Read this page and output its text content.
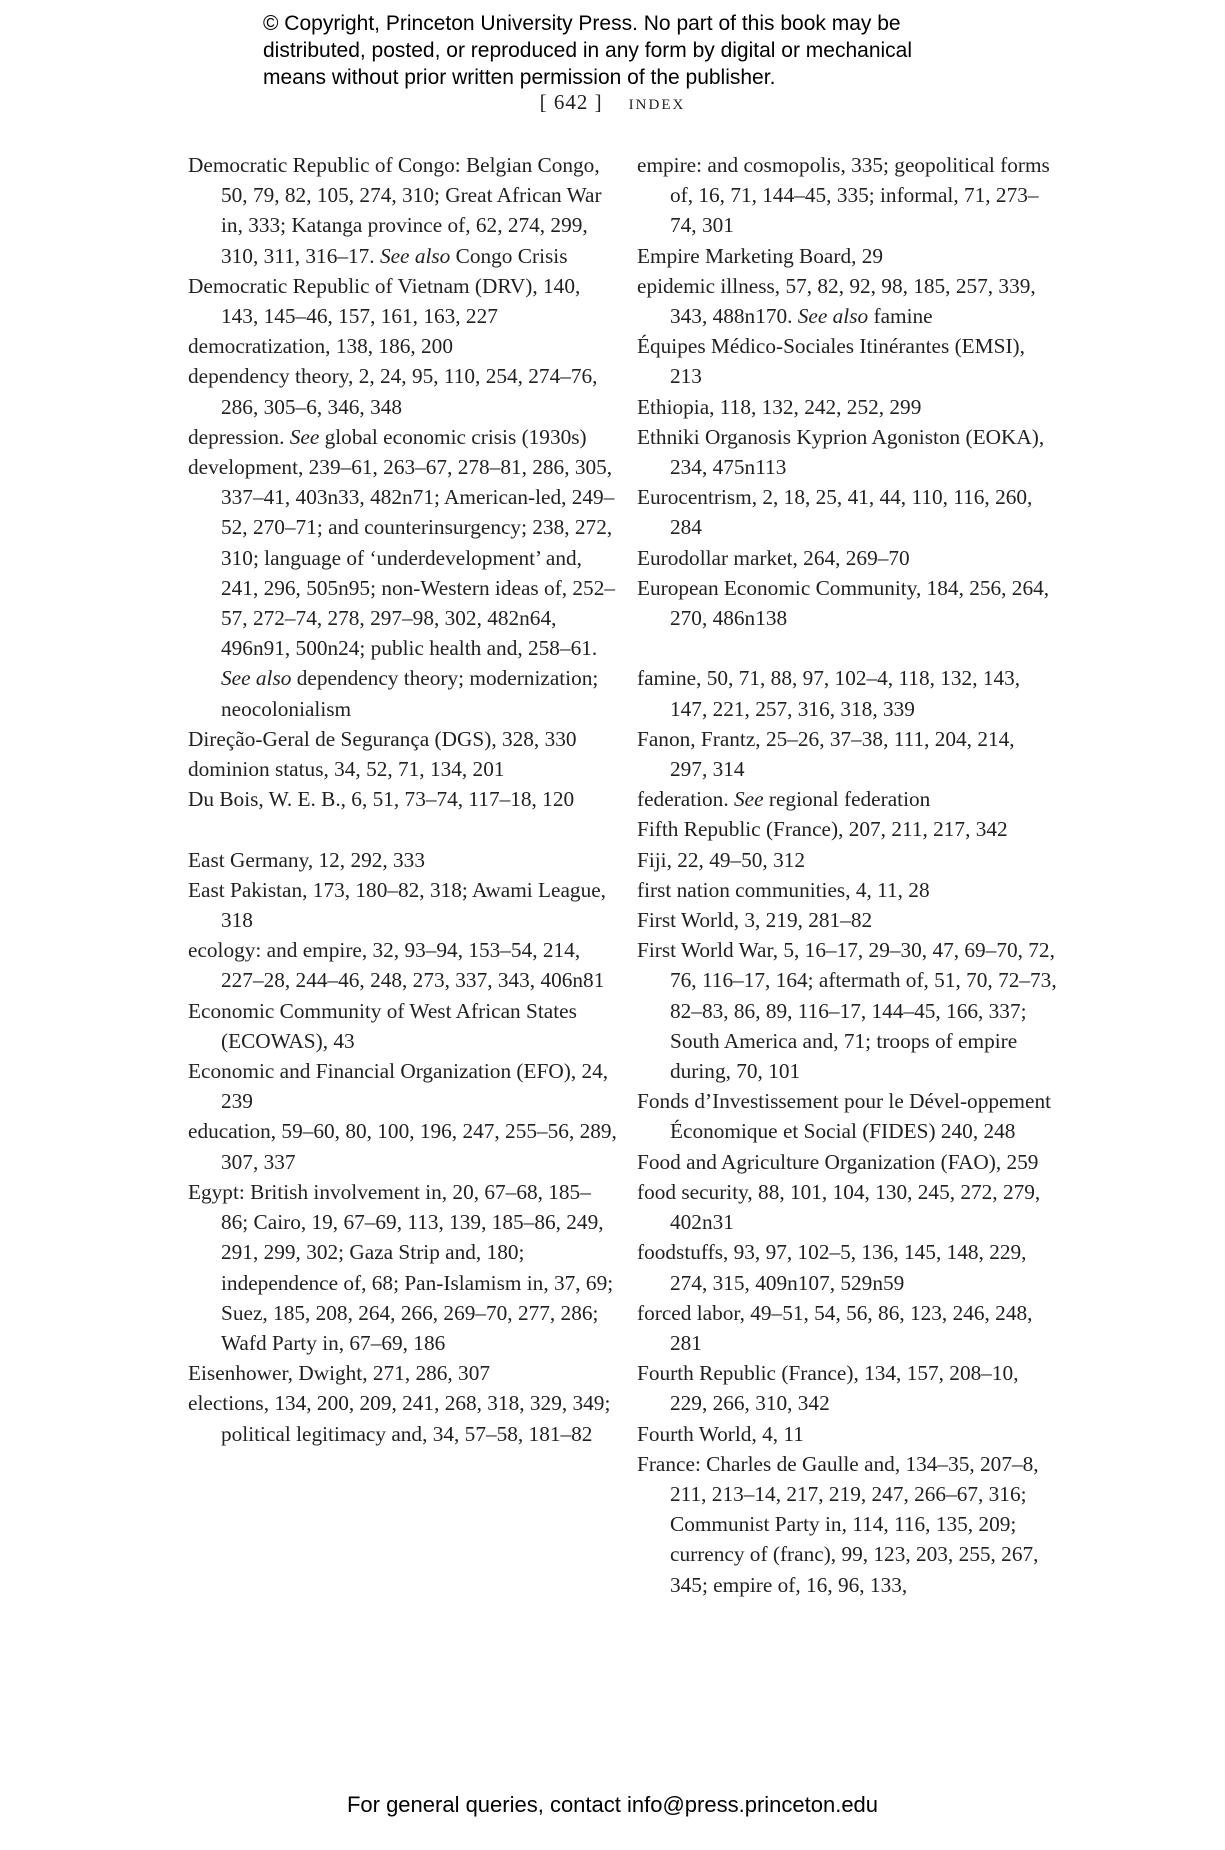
© Copyright, Princeton University Press. No part of this book may be
distributed, posted, or reproduced in any form by digital or mechanical
means without prior written permission of the publisher.
[ 642 ] index
Democratic Republic of Congo: Belgian Congo, 50, 79, 82, 105, 274, 310; Great African War in, 333; Katanga province of, 62, 274, 299, 310, 311, 316–17. See also Congo Crisis
Democratic Republic of Vietnam (DRV), 140, 143, 145–46, 157, 161, 163, 227
democratization, 138, 186, 200
dependency theory, 2, 24, 95, 110, 254, 274–76, 286, 305–6, 346, 348
depression. See global economic crisis (1930s)
development, 239–61, 263–67, 278–81, 286, 305, 337–41, 403n33, 482n71; American-led, 249–52, 270–71; and counterinsurgency; 238, 272, 310; language of ‘underdevelopment’ and, 241, 296, 505n95; non-Western ideas of, 252–57, 272–74, 278, 297–98, 302, 482n64, 496n91, 500n24; public health and, 258–61. See also dependency theory; modernization; neocolonialism
Direção-Geral de Segurança (DGS), 328, 330
dominion status, 34, 52, 71, 134, 201
Du Bois, W. E. B., 6, 51, 73–74, 117–18, 120
East Germany, 12, 292, 333
East Pakistan, 173, 180–82, 318; Awami League, 318
ecology: and empire, 32, 93–94, 153–54, 214, 227–28, 244–46, 248, 273, 337, 343, 406n81
Economic Community of West African States (ECOWAS), 43
Economic and Financial Organization (EFO), 24, 239
education, 59–60, 80, 100, 196, 247, 255–56, 289, 307, 337
Egypt: British involvement in, 20, 67–68, 185–86; Cairo, 19, 67–69, 113, 139, 185–86, 249, 291, 299, 302; Gaza Strip and, 180; independence of, 68; Pan-Islamism in, 37, 69; Suez, 185, 208, 264, 266, 269–70, 277, 286; Wafd Party in, 67–69, 186
Eisenhower, Dwight, 271, 286, 307
elections, 134, 200, 209, 241, 268, 318, 329, 349; political legitimacy and, 34, 57–58, 181–82
empire: and cosmopolis, 335; geopolitical forms of, 16, 71, 144–45, 335; informal, 71, 273–74, 301
Empire Marketing Board, 29
epidemic illness, 57, 82, 92, 98, 185, 257, 339, 343, 488n170. See also famine
Équipes Médico-Sociales Itinérantes (EMSI), 213
Ethiopia, 118, 132, 242, 252, 299
Ethniki Organosis Kyprion Agoniston (EOKA), 234, 475n113
Eurocentrism, 2, 18, 25, 41, 44, 110, 116, 260, 284
Eurodollar market, 264, 269–70
European Economic Community, 184, 256, 264, 270, 486n138
famine, 50, 71, 88, 97, 102–4, 118, 132, 143, 147, 221, 257, 316, 318, 339
Fanon, Frantz, 25–26, 37–38, 111, 204, 214, 297, 314
federation. See regional federation
Fifth Republic (France), 207, 211, 217, 342
Fiji, 22, 49–50, 312
first nation communities, 4, 11, 28
First World, 3, 219, 281–82
First World War, 5, 16–17, 29–30, 47, 69–70, 72, 76, 116–17, 164; aftermath of, 51, 70, 72–73, 82–83, 86, 89, 116–17, 144–45, 166, 337; South America and, 71; troops of empire during, 70, 101
Fonds d’Investissement pour le Dével-oppement Économique et Social (FIDES) 240, 248
Food and Agriculture Organization (FAO), 259
food security, 88, 101, 104, 130, 245, 272, 279, 402n31
foodstuffs, 93, 97, 102–5, 136, 145, 148, 229, 274, 315, 409n107, 529n59
forced labor, 49–51, 54, 56, 86, 123, 246, 248, 281
Fourth Republic (France), 134, 157, 208–10, 229, 266, 310, 342
Fourth World, 4, 11
France: Charles de Gaulle and, 134–35, 207–8, 211, 213–14, 217, 219, 247, 266–67, 316; Communist Party in, 114, 116, 135, 209; currency of (franc), 99, 123, 203, 255, 267, 345; empire of, 16, 96, 133,
For general queries, contact info@press.princeton.edu
